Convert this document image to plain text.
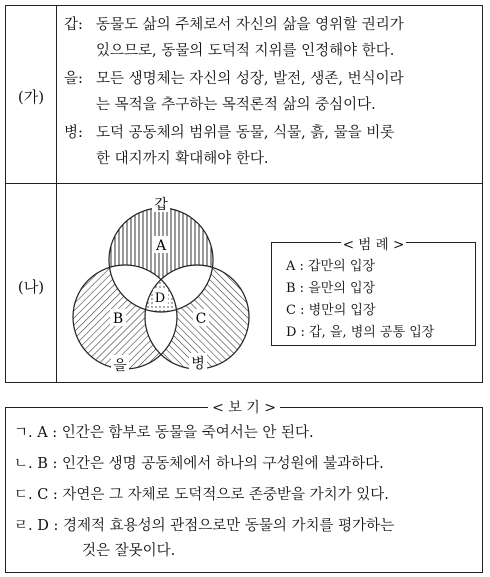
(가)
갑: 동물도 삶의 주체로서 자신의 삶을 영위할 권리가
있으므로, 동물의 도덕적 지위를 인정해야 한다.
을: 모든 생명체는 자신의 성장, 발전, 생존, 번식이라
는 목적을 추구하는 목적론적 삶의 중심이다.
병: 도덕 공동체의 범위를 동물, 식물, 흙, 물을 비롯
한 대지까지 확대해야 한다.
(나)
갑
A
B	C
D
을	병
< 범 례 >
A : 갑만의 입장
B : 을만의 입장
C : 병만의 입장
D : 갑, 을, 병의 공통 입장
< 보 기 >
ㄱ. A : 인간은 함부로 동물을 죽여서는 안 된다.
ㄴ. B : 인간은 생명 공동체에서 하나의 구성원에 불과하다.
ㄷ. C : 자연은 그 자체로 도덕적으로 존중받을 가치가 있다.
ㄹ. D : 경제적 효용성의 관점으로만 동물의 가치를 평가하는
것은 잘못이다.
